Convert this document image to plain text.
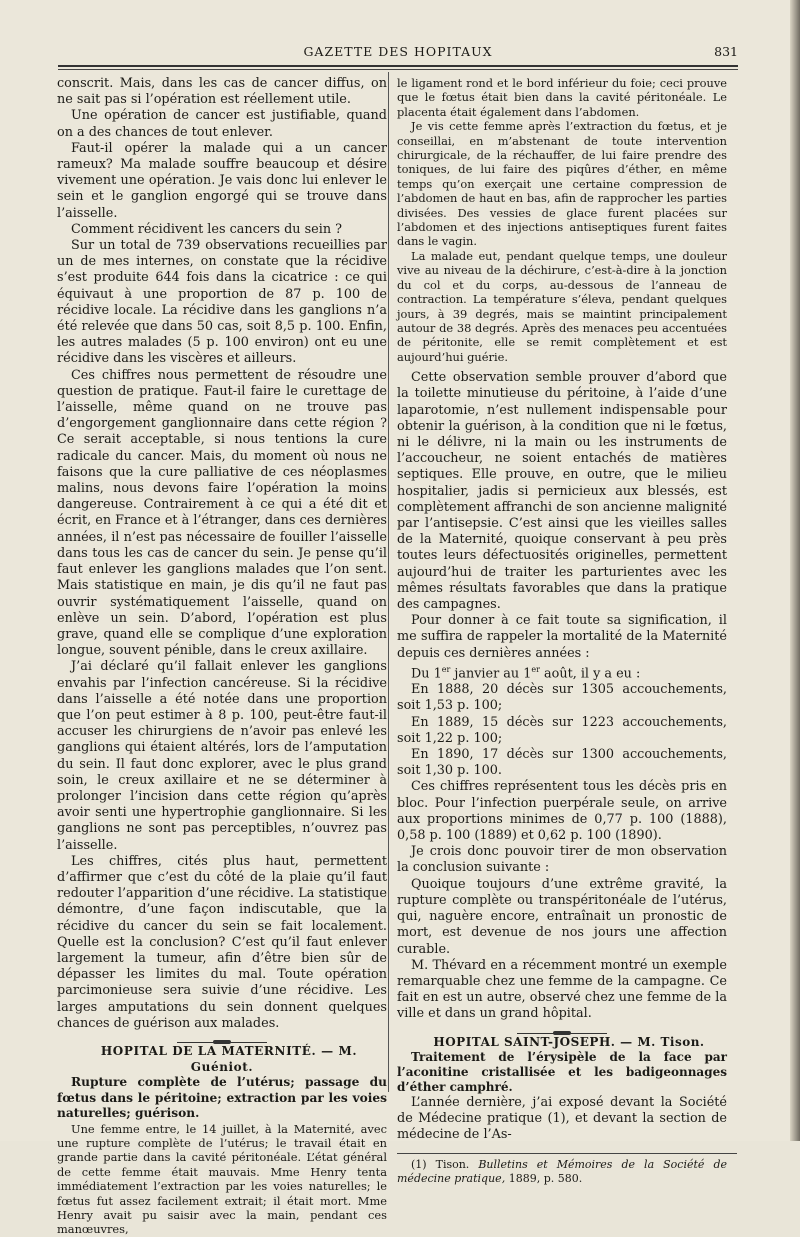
GAZETTE DES HOPITAUX	831

conscrit. Mais, dans les cas de cancer diffus, on ne sait pas si l’opération est réellement utile.

Une opération de cancer est justifiable, quand on a des chances de tout enlever.

Faut-il opérer la malade qui a un cancer rameux? Ma malade souffre beaucoup et désire vivement une opération. Je vais donc lui enlever le sein et le ganglion engorgé qui se trouve dans l’aisselle.

Comment récidivent les cancers du sein ?

Sur un total de 739 observations recueillies par un de mes internes, on constate que la récidive s’est produite 644 fois dans la cicatrice : ce qui équivaut à une proportion de 87 p. 100 de récidive locale. La récidive dans les ganglions n’a été relevée que dans 50 cas, soit 8,5 p. 100. Enfin, les autres malades (5 p. 100 environ) ont eu une récidive dans les viscères et ailleurs.

Ces chiffres nous permettent de résoudre une question de pratique. Faut-il faire le curettage de l’aisselle, même quand on ne trouve pas d’engorgement ganglionnaire dans cette région ? Ce serait acceptable, si nous tentions la cure radicale du cancer. Mais, du moment où nous ne faisons que la cure palliative de ces néoplasmes malins, nous devons faire l’opération la moins dangereuse. Contrairement à ce qui a été dit et écrit, en France et à l’étranger, dans ces dernières années, il n’est pas nécessaire de fouiller l’aisselle dans tous les cas de cancer du sein. Je pense qu’il faut enlever les ganglions malades que l’on sent. Mais statistique en main, je dis qu’il ne faut pas ouvrir systématiquement l’aisselle, quand on enlève un sein. D’abord, l’opération est plus grave, quand elle se complique d’une exploration longue, souvent pénible, dans le creux axillaire.

J’ai déclaré qu’il fallait enlever les ganglions envahis par l’infection cancéreuse. Si la récidive dans l’aisselle a été notée dans une proportion que l’on peut estimer à 8 p. 100, peut-être faut-il accuser les chirurgiens de n’avoir pas enlevé les ganglions qui étaient altérés, lors de l’amputation du sein. Il faut donc explorer, avec le plus grand soin, le creux axillaire et ne se déterminer à prolonger l’incision dans cette région qu’après avoir senti une hypertrophie ganglionnaire. Si les ganglions ne sont pas perceptibles, n’ouvrez pas l’aisselle.

Les chiffres, cités plus haut, permettent d’affirmer que c’est du côté de la plaie qu’il faut redouter l’apparition d’une récidive. La statistique démontre, d’une façon indiscutable, que la récidive du cancer du sein se fait localement. Quelle est la conclusion? C’est qu’il faut enlever largement la tumeur, afin d’être bien sûr de dépasser les limites du mal. Toute opération parcimonieuse sera suivie d’une récidive. Les larges amputations du sein donnent quelques chances de guérison aux malades.

HOPITAL DE LA MATERNITÉ. — M. Guéniot.

Rupture complète de l’utérus; passage du fœtus dans le péritoine; extraction par les voies naturelles; guérison.

Une femme entre, le 14 juillet, à la Maternité, avec une rupture complète de l’utérus; le travail était en grande partie dans la cavité péritonéale. L’état général de cette femme était mauvais. Mme Henry tenta immédiatement l’extraction par les voies naturelles; le fœtus fut assez facilement extrait; il était mort. Mme Henry avait pu saisir avec la main, pendant ces manœuvres,

le ligament rond et le bord inférieur du foie; ceci prouve que le fœtus était bien dans la cavité péritonéale. Le placenta était également dans l’abdomen.

Je vis cette femme après l’extraction du fœtus, et je conseillai, en m’abstenant de toute intervention chirurgicale, de la réchauffer, de lui faire prendre des toniques, de lui faire des piqûres d’éther, en même temps qu’on exerçait une certaine compression de l’abdomen de haut en bas, afin de rapprocher les parties divisées. Des vessies de glace furent placées sur l’abdomen et des injections antiseptiques furent faites dans le vagin.

La malade eut, pendant quelque temps, une douleur vive au niveau de la déchirure, c’est-à-dire à la jonction du col et du corps, au-dessous de l’anneau de contraction. La température s’éleva, pendant quelques jours, à 39 degrés, mais se maintint principalement autour de 38 degrés. Après des menaces peu accentuées de péritonite, elle se remit complètement et est aujourd’hui guérie.

Cette observation semble prouver d’abord que la toilette minutieuse du péritoine, à l’aide d’une laparotomie, n’est nullement indispensable pour obtenir la guérison, à la condition que ni le fœtus, ni le délivre, ni la main ou les instruments de l’accoucheur, ne soient entachés de matières septiques. Elle prouve, en outre, que le milieu hospitalier, jadis si pernicieux aux blessés, est complètement affranchi de son ancienne malignité par l’antisepsie. C’est ainsi que les vieilles salles de la Maternité, quoique conservant à peu près toutes leurs défectuosités originelles, permettent aujourd’hui de traiter les parturientes avec les mêmes résultats favorables que dans la pratique des campagnes.

Pour donner à ce fait toute sa signification, il me suffira de rappeler la mortalité de la Maternité depuis ces dernières années :

Du 1er janvier au 1er août, il y a eu :

En 1888, 20 décès sur 1305 accouchements, soit 1,53 p. 100;

En 1889, 15 décès sur 1223 accouchements, soit 1,22 p. 100;

En 1890, 17 décès sur 1300 accouchements, soit 1,30 p. 100.

Ces chiffres représentent tous les décès pris en bloc. Pour l’infection puerpérale seule, on arrive aux proportions minimes de 0,77 p. 100 (1888), 0,58 p. 100 (1889) et 0,62 p. 100 (1890).

Je crois donc pouvoir tirer de mon observation la conclusion suivante :

Quoique toujours d’une extrême gravité, la rupture complète ou transpéritonéale de l’utérus, qui, naguère encore, entraînait un pronostic de mort, est devenue de nos jours une affection curable.

M. Thévard en a récemment montré un exemple remarquable chez une femme de la campagne. Ce fait en est un autre, observé chez une femme de la ville et dans un grand hôpital.

HOPITAL SAINT-JOSEPH. — M. Tison.

Traitement de l’érysipèle de la face par l’aconitine cristallisée et les badigeonnages d’éther camphré.

L’année dernière, j’ai exposé devant la Société de Médecine pratique (1), et devant la section de médecine de l’As-

(1) Tison. Bulletins et Mémoires de la Société de médecine pratique, 1889, p. 580.
